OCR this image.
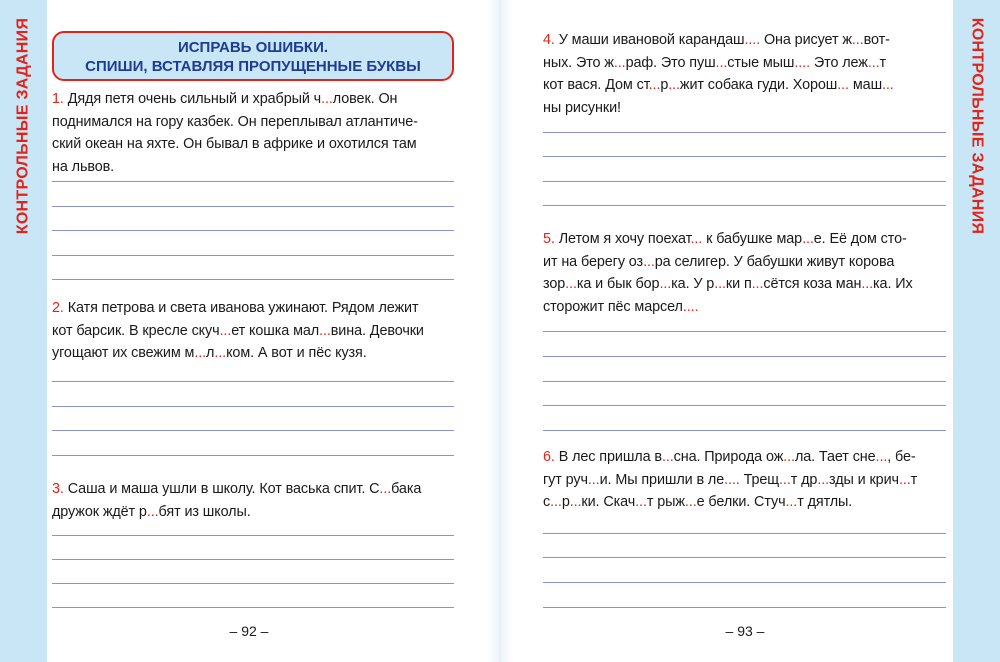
КОНТРОЛЬНЫЕ ЗАДАНИЯ	КОНТРОЛЬНЫЕ ЗАДАНИЯ
ИСПРАВЬ ОШИБКИ.
СПИШИ, ВСТАВЛЯЯ ПРОПУЩЕННЫЕ БУКВЫ
1. Дядя петя очень сильный и храбрый ч...ловек. Он
поднимался на гору казбек. Он переплывал атлантиче-
ский океан на яхте. Он бывал в африке и охотился там
на львов.
2. Катя петрова и света иванова ужинают. Рядом лежит
кот барсик. В кресле скуч...ет кошка мал...вина. Девочки
угощают их свежим м...л...ком. А вот и пёс кузя.
3. Саша и маша ушли в школу. Кот васька спит. С...бака
дружок ждёт р...бят из школы.
4. У маши ивановой карандаш.... Она рисует ж...вот-
ных. Это ж...раф. Это пуш...стые мыш.... Это леж...т
кот вася. Дом ст...р...жит собака гуди. Хорош... маш...
ны рисунки!
5. Летом я хочу поехат... к бабушке мар...е. Её дом сто-
ит на берегу оз...ра селигер. У бабушки живут корова
зор...ка и бык бор...ка. У р...ки п...сётся коза ман...ка. Их
сторожит пёс марсел....
6. В лес пришла в...сна. Природа ож...ла. Тает сне..., бе-
гут руч...и. Мы пришли в ле.... Трещ...т др...зды и крич...т
с...р...ки. Скач...т рыж...е белки. Стуч...т дятлы.
– 92 –	– 93 –
